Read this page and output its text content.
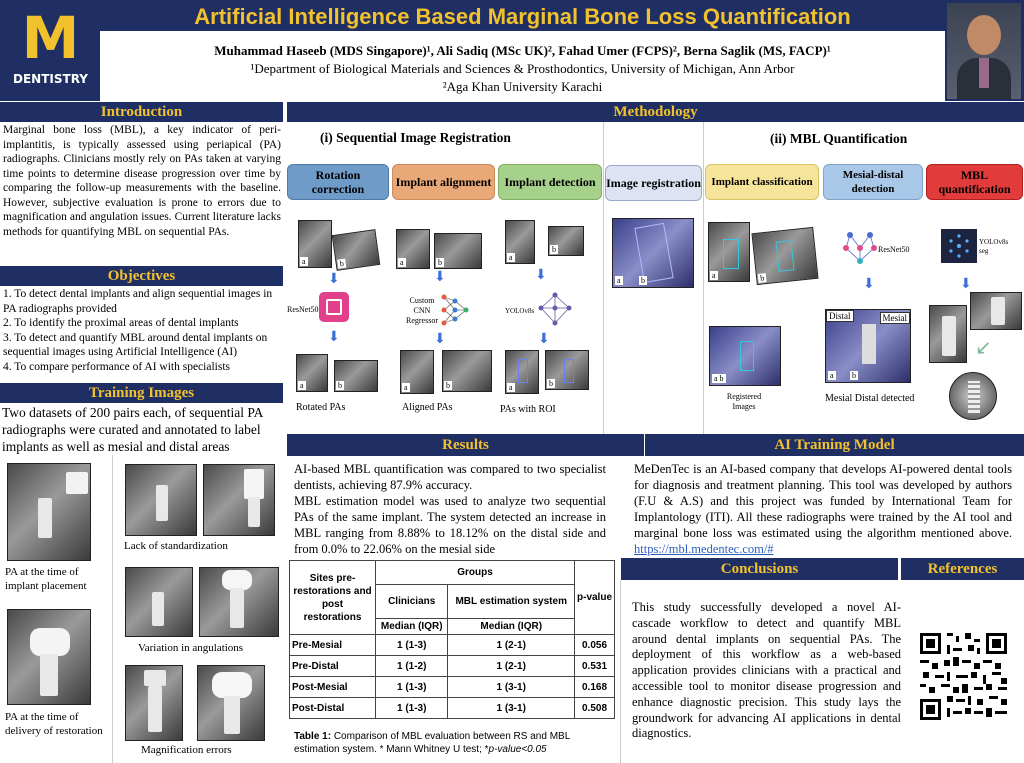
M
DENTISTRY
Artificial Intelligence Based Marginal Bone Loss Quantification
Muhammad Haseeb (MDS Singapore)¹, Ali Sadiq (MSc UK)², Fahad Umer (FCPS)², Berna Saglik (MS, FACP)¹
¹Department of Biological Materials and Sciences & Prosthodontics, University of Michigan, Ann Arbor
²Aga Khan University Karachi
Introduction
Marginal bone loss (MBL), a key indicator of peri-implantitis, is typically assessed using periapical (PA) radiographs. Clinicians mostly rely on PAs taken at varying time points to determine disease progression over time by comparing the follow-up measurements with the baseline. However, subjective evaluation is prone to errors due to magnification and angulation issues. Current literature lacks methods for quantifying MBL on sequential PAs.
Objectives
1. To detect dental implants and align sequential images in PA radiographs provided
2. To identify the proximal areas of dental implants
3. To detect and quantify MBL around dental implants on sequential images using Artificial Intelligence (AI)
4. To compare performance of AI with specialists
Training Images
Two datasets of 200 pairs each, of sequential PA radiographs were curated and annotated to label implants as well as mesial and distal areas
PA at the time of implant placement
PA at the time of delivery of restoration
Lack of standardization
Variation in angulations
Magnification errors
Methodology
(i) Sequential Image Registration	(ii) MBL Quantification
Rotation correction	Implant alignment	Implant detection Image registration Implant classification
Mesial-distal detection
MBL quantification
a	b
⬇
ResNet50
⬇
a	b
Rotated PAs
a	b
⬇
Custom CNN Regressor
⬇
a	b
Aligned PAs
a
b
⬇
YOLOv8s
⬇
a	b
PAs with ROI
a	b
a	b
a b
Registered Images
ResNet50
⬇
Distal	Mesial
a b
Mesial Distal detected
YOLOv8s seg
⬇
↙
Results
AI-based MBL quantification was compared to two specialist dentists, achieving 87.9% accuracy.
MBL estimation model was used to analyze two sequential PAs of the same implant. The system detected an increase in MBL ranging from 8.88% to 18.12% on the distal side and from 0.0% to 22.06% on the mesial side
Sites pre-restorations and post restorations	Groups		p-value
	Clinicians	MBL estimation system	
	Median (IQR)	Median (IQR)	
Pre-Mesial	1 (1-3)	1 (2-1)	0.056
Pre-Distal	1 (1-2)	1 (2-1)	0.531
Post-Mesial	1 (1-3)	1 (3-1)	0.168
Post-Distal	1 (1-3)	1 (3-1)	0.508
Table 1: Comparison of MBL evaluation between RS and MBL estimation system. * Mann Whitney U test; *p-value<0.05
AI Training Model
MeDenTec is an AI-based company that develops AI-powered dental tools for diagnosis and treatment planning. This tool was developed by authors (F.U & A.S) and this project was funded by International Team for Implantology (ITI). All these radiographs were trained by the AI tool and marginal bone loss was estimated using the algorithm mentioned above. https://mbl.medentec.com/#
Conclusions
This study successfully developed a novel AI-cascade workflow to detect and quantify MBL around dental implants on sequential PAs. The deployment of this workflow as a web-based application provides clinicians with a practical and accessible tool to monitor disease progression and enhance diagnostic precision. This study lays the groundwork for advancing AI applications in dental diagnostics.
References
